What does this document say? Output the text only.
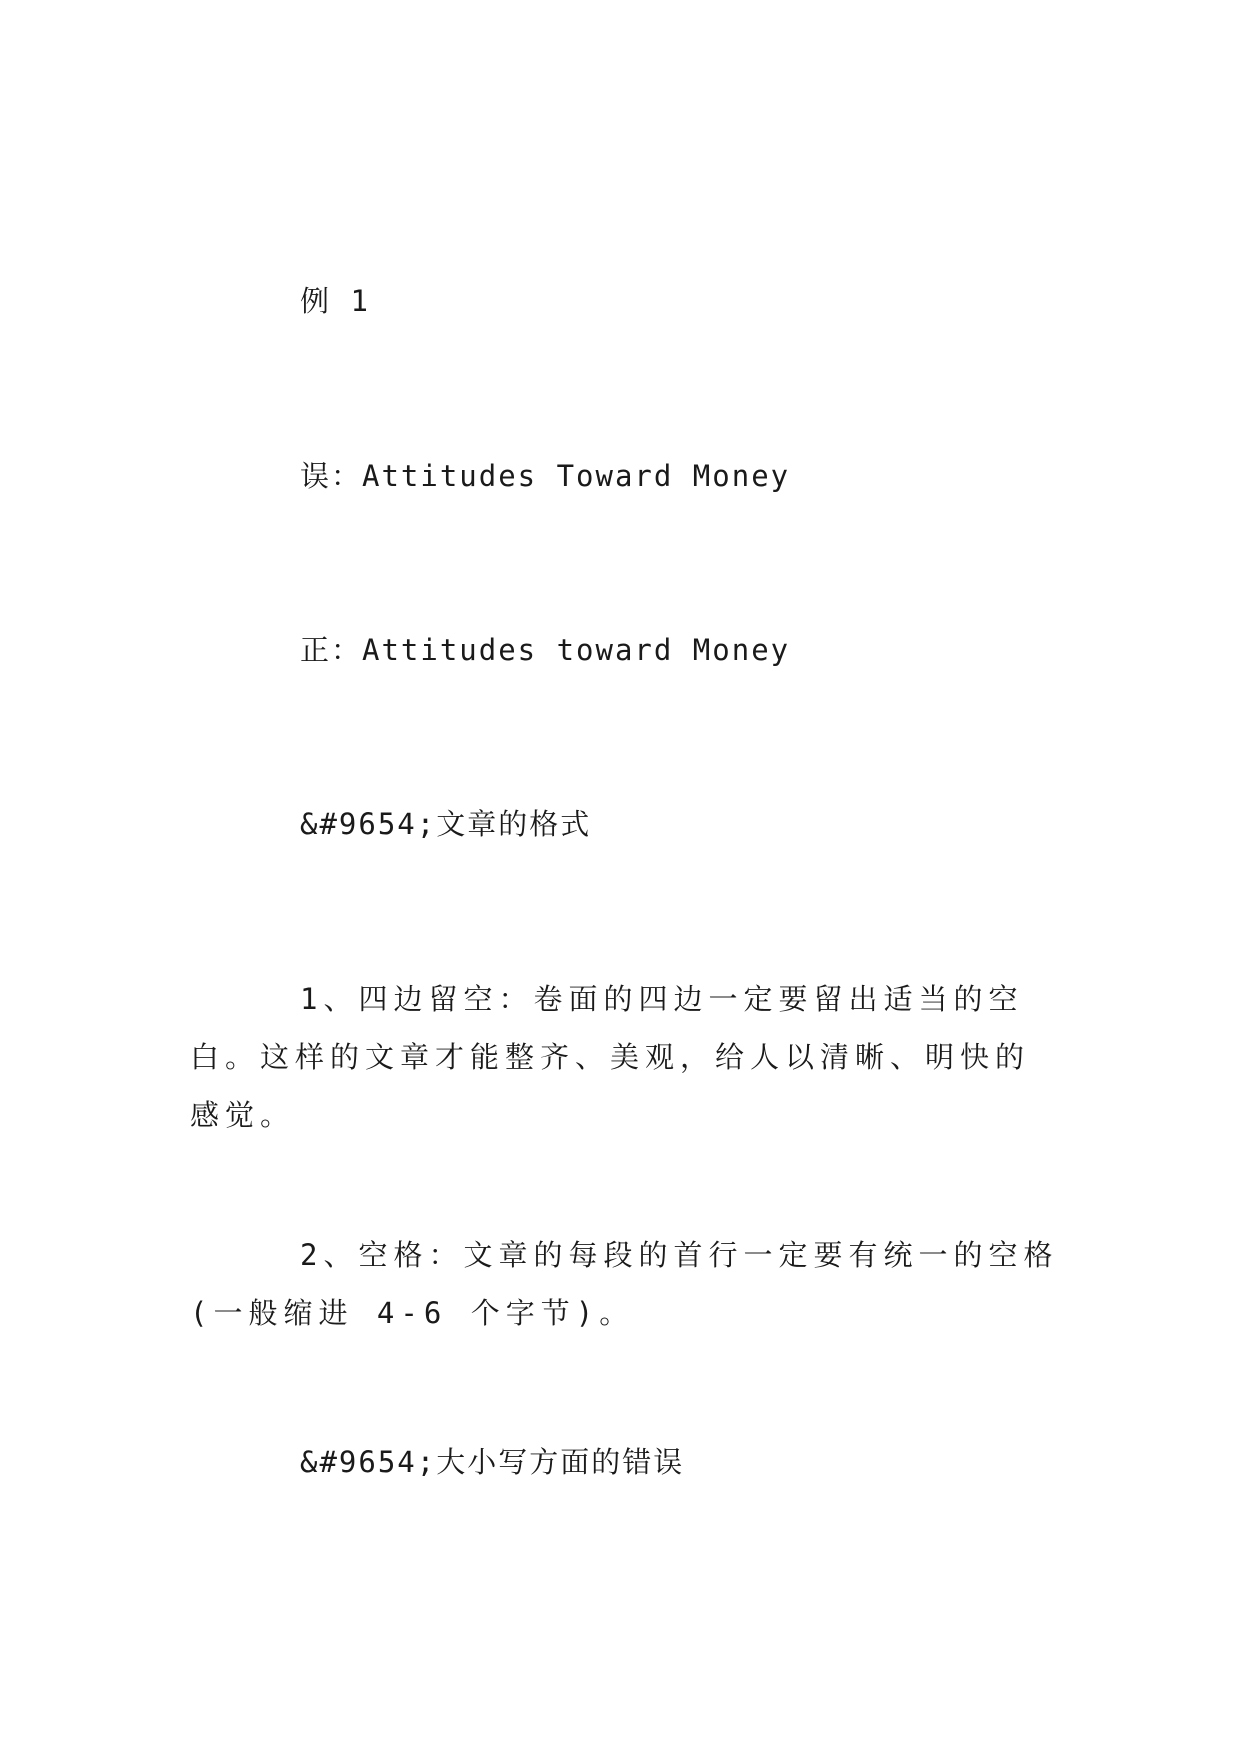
例 1
误：Attitudes Toward Money
正：Attitudes toward Money
&#9654;文章的格式
1、四边留空：卷面的四边一定要留出适当的空白。这样的文章才能整齐、美观，给人以清晰、明快的感觉。
2、空格：文章的每段的首行一定要有统一的空格(一般缩进 4-6 个字节)。
&#9654;大小写方面的错误
